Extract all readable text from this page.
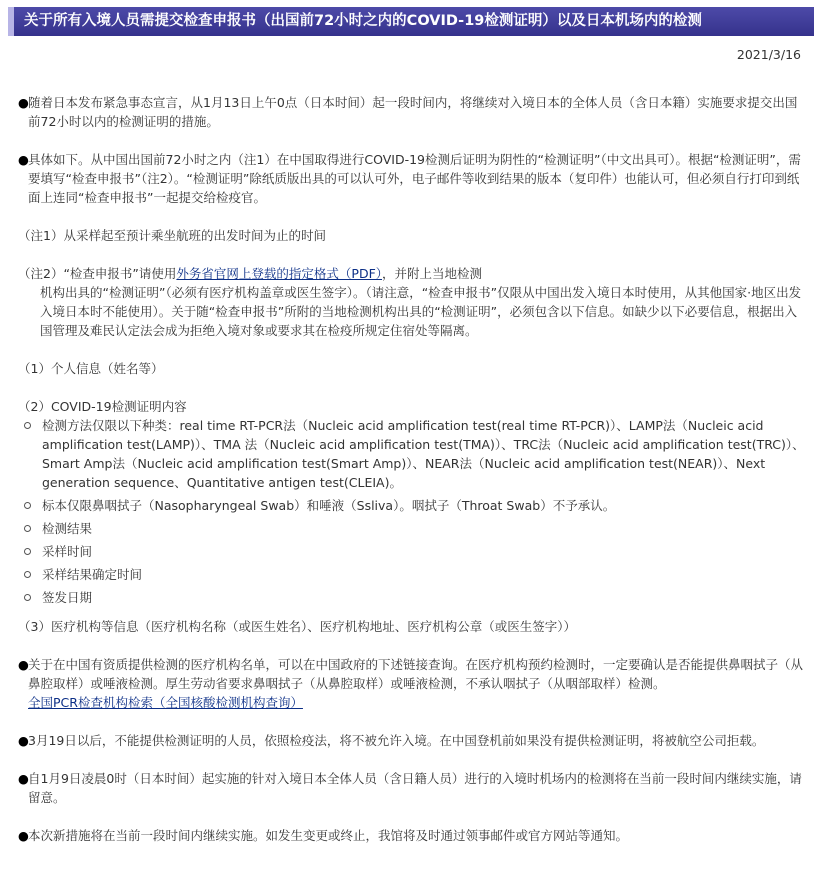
关于所有入境人员需提交检查申报书（出国前72小时之内的COVID-19检测证明）以及日本机场内的检测
2021/3/16

● 随着日本发布紧急事态宣言，从1月13日上午0点（日本时间）起一段时间内，将继续对入境日本的全体人员（含日本籍）实施要求提交出国前72小时以内的检测证明的措施。

● 具体如下。从中国出国前72小时之内（注1）在中国取得进行COVID-19检测后证明为阴性的“检测证明”（中文出具可）。根据“检测证明”，需要填写“检查申报书”（注2）。“检测证明”除纸质版出具的可以认可外，电子邮件等收到结果的版本（复印件）也能认可，但必须自行打印到纸面上连同“检查申报书”一起提交给检疫官。

（注1）从采样起至预计乘坐航班的出发时间为止的时间

（注2）“检查申报书”请使用外务省官网上登载的指定格式（PDF），并附上当地检测

机构出具的“检测证明”（必须有医疗机构盖章或医生签字）。（请注意，“检查申报书”仅限从中国出发入境日本时使用，从其他国家·地区出发入境日本时不能使用）。关于随“检查申报书”所附的当地检测机构出具的“检测证明”，必须包含以下信息。如缺少以下必要信息，根据出入国管理及难民认定法会成为拒绝入境对象或要求其在检疫所规定住宿处等隔离。

（1）个人信息（姓名等）

（2）COVID-19检测证明内容

检测方法仅限以下种类：real time RT-PCR法（Nucleic acid amplification test(real time RT-PCR)）、LAMP法（Nucleic acid amplification test(LAMP)）、TMA 法（Nucleic acid amplification test(TMA)）、TRC法（Nucleic acid amplification test(TRC)）、Smart Amp法（Nucleic acid amplification test(Smart Amp)）、NEAR法（Nucleic acid amplification test(NEAR)）、Next generation sequence、Quantitative antigen test(CLEIA)。
标本仅限鼻咽拭子（Nasopharyngeal Swab）和唾液（Ssliva）。咽拭子（Throat Swab）不予承认。
检测结果
采样时间
采样结果确定时间
签发日期

（3）医疗机构等信息（医疗机构名称（或医生姓名）、医疗机构地址、医疗机构公章（或医生签字））

● 关于在中国有资质提供检测的医疗机构名单，可以在中国政府的下述链接查询。在医疗机构预约检测时，一定要确认是否能提供鼻咽拭子（从鼻腔取样）或唾液检测。厚生劳动省要求鼻咽拭子（从鼻腔取样）或唾液检测，不承认咽拭子（从咽部取样）检测。
全国PCR检查机构检索（全国核酸检测机构查询）

● 3月19日以后，不能提供检测证明的人员，依照检疫法，将不被允许入境。在中国登机前如果没有提供检测证明，将被航空公司拒载。

● 自1月9日凌晨0时（日本时间）起实施的针对入境日本全体人员（含日籍人员）进行的入境时机场内的检测将在当前一段时间内继续实施，请留意。

● 本次新措施将在当前一段时间内继续实施。如发生变更或终止，我馆将及时通过领事邮件或官方网站等通知。
